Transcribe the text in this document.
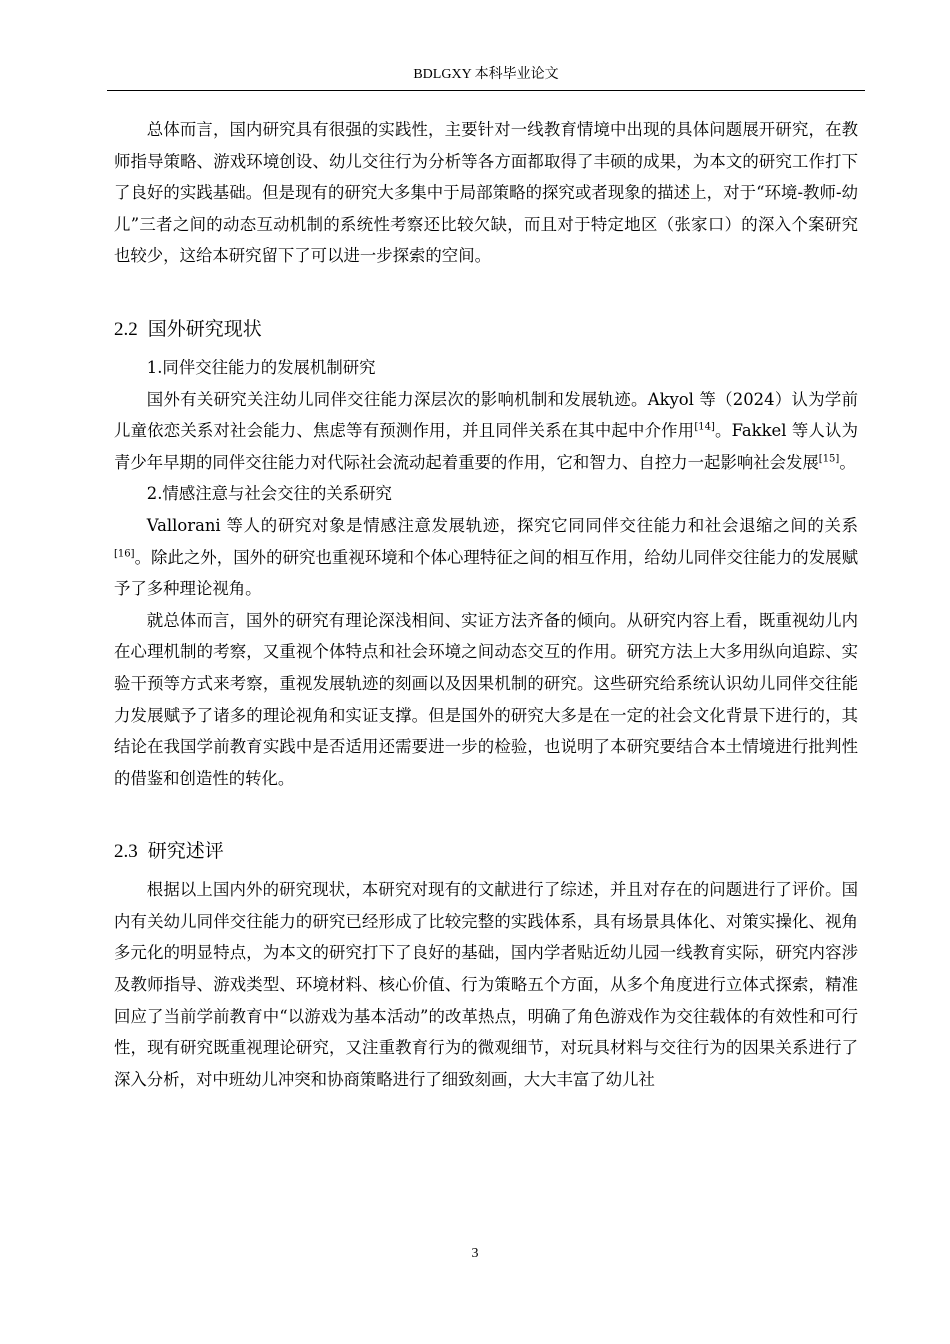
BDLGXY 本科毕业论文

总体而言，国内研究具有很强的实践性，主要针对一线教育情境中出现的具体问题展开研究，在教师指导策略、游戏环境创设、幼儿交往行为分析等各方面都取得了丰硕的成果，为本文的研究工作打下了良好的实践基础。但是现有的研究大多集中于局部策略的探究或者现象的描述上，对于“环境-教师-幼儿”三者之间的动态互动机制的系统性考察还比较欠缺，而且对于特定地区（张家口）的深入个案研究也较少，这给本研究留下了可以进一步探索的空间。

2.2 国外研究现状

1.同伴交往能力的发展机制研究

国外有关研究关注幼儿同伴交往能力深层次的影响机制和发展轨迹。Akyol 等（2024）认为学前儿童依恋关系对社会能力、焦虑等有预测作用，并且同伴关系在其中起中介作用[14]。Fakkel 等人认为青少年早期的同伴交往能力对代际社会流动起着重要的作用，它和智力、自控力一起影响社会发展[15]。

2.情感注意与社会交往的关系研究

Vallorani 等人的研究对象是情感注意发展轨迹，探究它同同伴交往能力和社会退缩之间的关系[16]。除此之外，国外的研究也重视环境和个体心理特征之间的相互作用，给幼儿同伴交往能力的发展赋予了多种理论视角。

就总体而言，国外的研究有理论深浅相间、实证方法齐备的倾向。从研究内容上看，既重视幼儿内在心理机制的考察，又重视个体特点和社会环境之间动态交互的作用。研究方法上大多用纵向追踪、实验干预等方式来考察，重视发展轨迹的刻画以及因果机制的研究。这些研究给系统认识幼儿同伴交往能力发展赋予了诸多的理论视角和实证支撑。但是国外的研究大多是在一定的社会文化背景下进行的，其结论在我国学前教育实践中是否适用还需要进一步的检验，也说明了本研究要结合本土情境进行批判性的借鉴和创造性的转化。

2.3 研究述评

根据以上国内外的研究现状，本研究对现有的文献进行了综述，并且对存在的问题进行了评价。国内有关幼儿同伴交往能力的研究已经形成了比较完整的实践体系，具有场景具体化、对策实操化、视角多元化的明显特点，为本文的研究打下了良好的基础，国内学者贴近幼儿园一线教育实际，研究内容涉及教师指导、游戏类型、环境材料、核心价值、行为策略五个方面，从多个角度进行立体式探索，精准回应了当前学前教育中“以游戏为基本活动”的改革热点，明确了角色游戏作为交往载体的有效性和可行性，现有研究既重视理论研究，又注重教育行为的微观细节，对玩具材料与交往行为的因果关系进行了深入分析，对中班幼儿冲突和协商策略进行了细致刻画，大大丰富了幼儿社

3
